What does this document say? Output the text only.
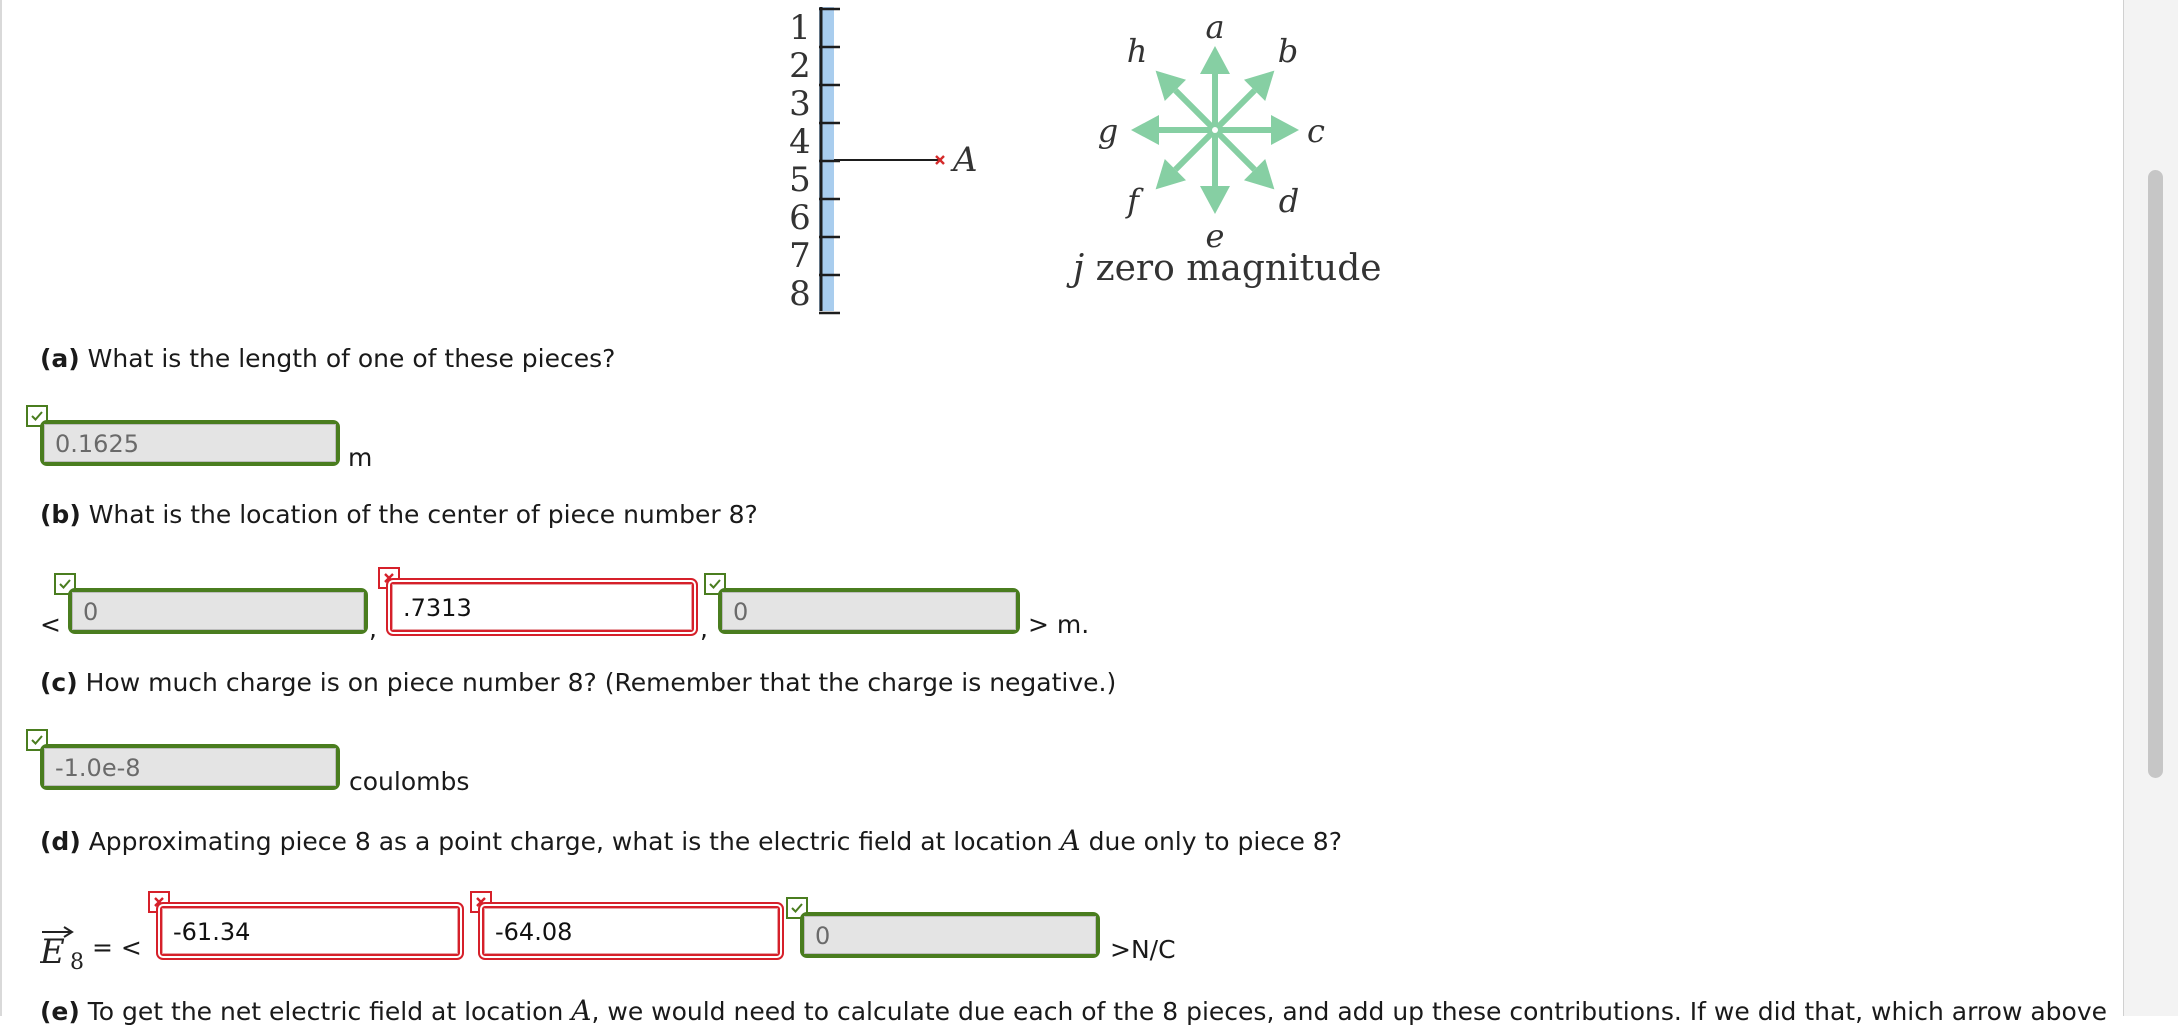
1
2
3
4
5
6
7
8
A
a
b
c
d
e
f
g
h
j zero magnitude
(a) What is the length of one of these pieces?
0.1625
m
(b) What is the location of the center of piece number 8?
<
0	,
.7313	,
0	> m.
(c) How much charge is on piece number 8? (Remember that the charge is negative.)
-1.0e-8
coulombs
(d) Approximating piece 8 as a point charge, what is the electric field at location A due only to piece 8?
E 8
= <
-61.34
-64.08
0	>N/C
(e) To get the net electric field at location A, we would need to calculate due each of the 8 pieces, and add up these contributions. If we did that, which arrow above
